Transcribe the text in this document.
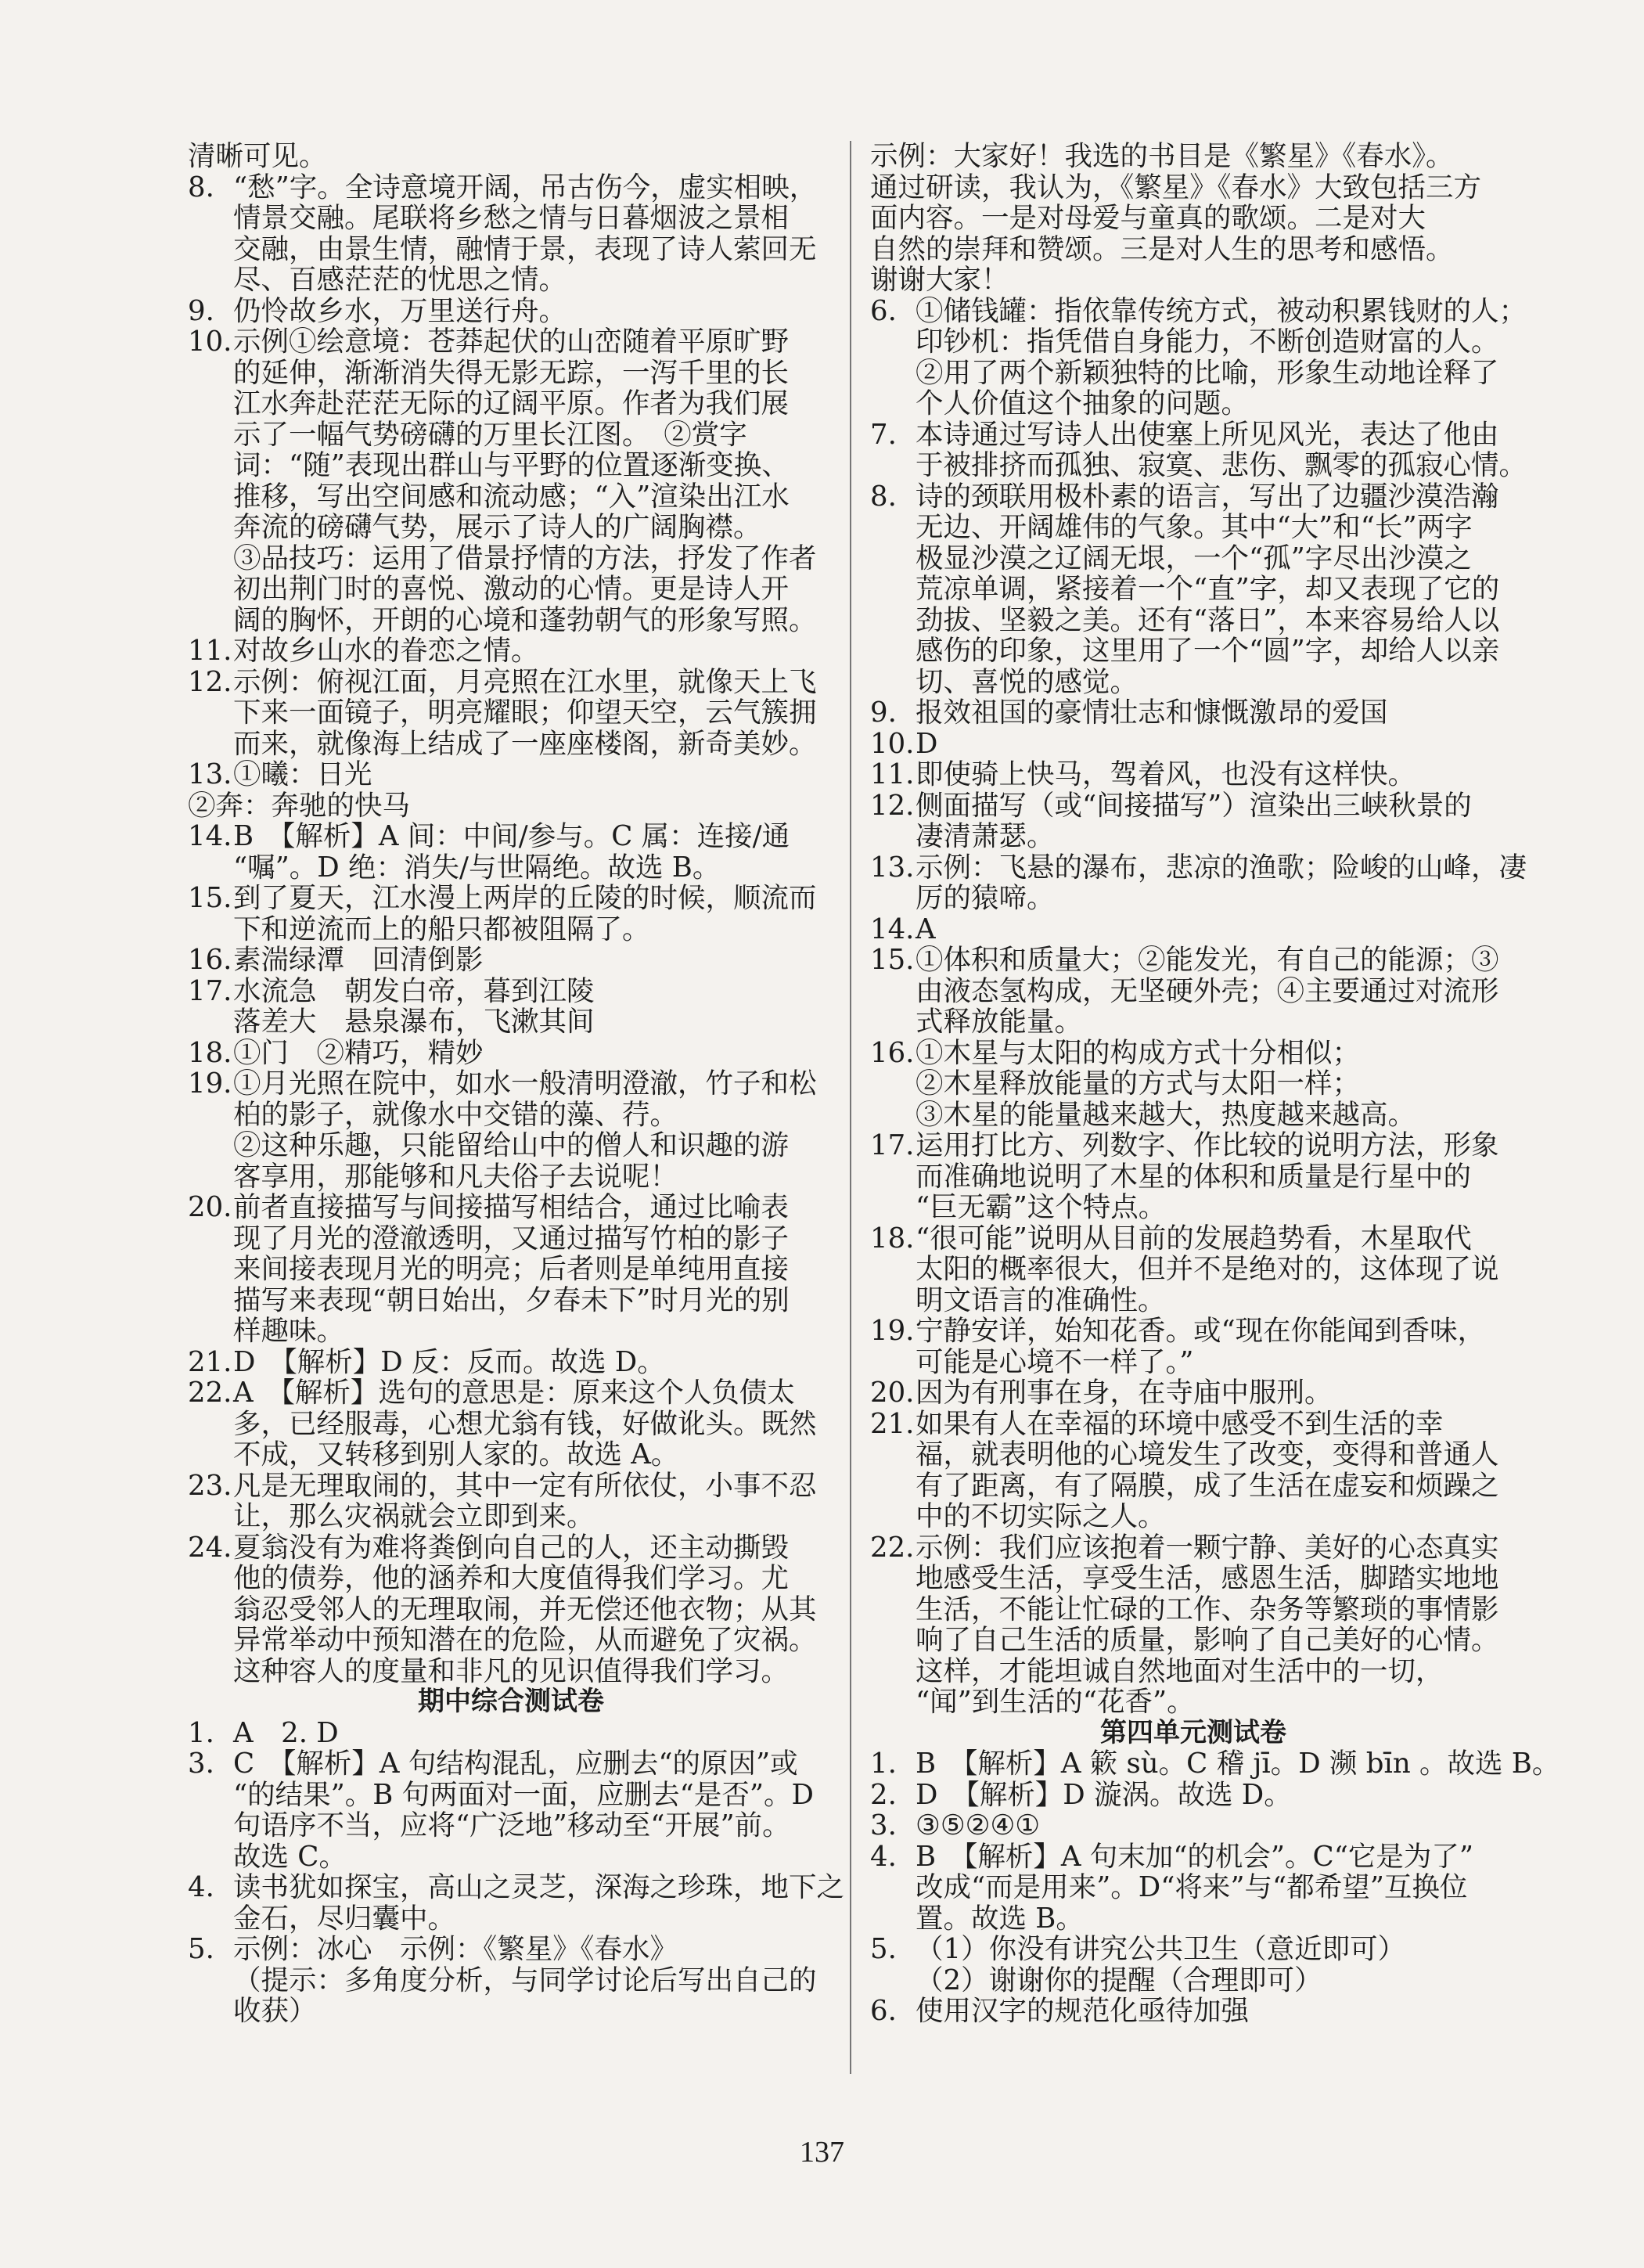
清晰可见。
8. “愁”字。全诗意境开阔，吊古伤今，虚实相映，
情景交融。尾联将乡愁之情与日暮烟波之景相
交融，由景生情，融情于景，表现了诗人萦回无
尽、百感茫茫的忧思之情。
9. 仍怜故乡水，万里送行舟。
10. 示例①绘意境：苍莽起伏的山峦随着平原旷野
的延伸，渐渐消失得无影无踪，一泻千里的长
江水奔赴茫茫无际的辽阔平原。作者为我们展
示了一幅气势磅礴的万里长江图。　②赏字
词：“随”表现出群山与平野的位置逐渐变换、
推移，写出空间感和流动感；“入”渲染出江水
奔流的磅礴气势，展示了诗人的广阔胸襟。
③品技巧：运用了借景抒情的方法，抒发了作者
初出荆门时的喜悦、激动的心情。更是诗人开
阔的胸怀，开朗的心境和蓬勃朝气的形象写照。
11. 对故乡山水的眷恋之情。
12. 示例：俯视江面，月亮照在江水里，就像天上飞
下来一面镜子，明亮耀眼；仰望天空，云气簇拥
而来，就像海上结成了一座座楼阁，新奇美妙。
13. ①曦：日光
②奔：奔驰的快马
14. B　【解析】A 间：中间/参与。C 属：连接/通
“嘱”。D 绝：消失/与世隔绝。故选 B。
15. 到了夏天，江水漫上两岸的丘陵的时候，顺流而
下和逆流而上的船只都被阻隔了。
16. 素湍绿潭　回清倒影
17. 水流急　朝发白帝，暮到江陵
落差大　悬泉瀑布，飞漱其间
18. ①门　②精巧，精妙
19. ①月光照在院中，如水一般清明澄澈，竹子和松
柏的影子，就像水中交错的藻、荇。
②这种乐趣，只能留给山中的僧人和识趣的游
客享用，那能够和凡夫俗子去说呢！
20. 前者直接描写与间接描写相结合，通过比喻表
现了月光的澄澈透明，又通过描写竹柏的影子
来间接表现月光的明亮；后者则是单纯用直接
描写来表现“朝日始出，夕春未下”时月光的别
样趣味。
21. D　【解析】D 反：反而。故选 D。
22. A　【解析】选句的意思是：原来这个人负债太
多，已经服毒，心想尤翁有钱，好做讹头。既然
不成，又转移到别人家的。故选 A。
23. 凡是无理取闹的，其中一定有所依仗，小事不忍
让，那么灾祸就会立即到来。
24. 夏翁没有为难将粪倒向自己的人，还主动撕毁
他的债券，他的涵养和大度值得我们学习。尤
翁忍受邻人的无理取闹，并无偿还他衣物；从其
异常举动中预知潜在的危险，从而避免了灾祸。
这种容人的度量和非凡的见识值得我们学习。
期中综合测试卷
1. A　2. D
3. C　【解析】A 句结构混乱，应删去“的原因”或
“的结果”。B 句两面对一面，应删去“是否”。D
句语序不当，应将“广泛地”移动至“开展”前。
故选 C。
4. 读书犹如探宝，高山之灵芝，深海之珍珠，地下之
金石，尽归囊中。
5. 示例：冰心　示例：《繁星》《春水》
（提示：多角度分析，与同学讨论后写出自己的
收获）
示例：大家好！我选的书目是《繁星》《春水》。
通过研读，我认为，《繁星》《春水》大致包括三方
面内容。一是对母爱与童真的歌颂。二是对大
自然的崇拜和赞颂。三是对人生的思考和感悟。
谢谢大家！
6. ①储钱罐：指依靠传统方式，被动积累钱财的人；
印钞机：指凭借自身能力，不断创造财富的人。
②用了两个新颖独特的比喻，形象生动地诠释了
个人价值这个抽象的问题。
7. 本诗通过写诗人出使塞上所见风光，表达了他由
于被排挤而孤独、寂寞、悲伤、飘零的孤寂心情。
8. 诗的颈联用极朴素的语言，写出了边疆沙漠浩瀚
无边、开阔雄伟的气象。其中“大”和“长”两字
极显沙漠之辽阔无垠，一个“孤”字尽出沙漠之
荒凉单调，紧接着一个“直”字，却又表现了它的
劲拔、坚毅之美。还有“落日”，本来容易给人以
感伤的印象，这里用了一个“圆”字，却给人以亲
切、喜悦的感觉。
9. 报效祖国的豪情壮志和慷慨激昂的爱国
10. D
11. 即使骑上快马，驾着风，也没有这样快。
12. 侧面描写（或“间接描写”）渲染出三峡秋景的
凄清萧瑟。
13. 示例：飞悬的瀑布，悲凉的渔歌；险峻的山峰，凄
厉的猿啼。
14. A
15. ①体积和质量大；②能发光，有自己的能源；③
由液态氢构成，无坚硬外壳；④主要通过对流形
式释放能量。
16. ①木星与太阳的构成方式十分相似；
②木星释放能量的方式与太阳一样；
③木星的能量越来越大，热度越来越高。
17. 运用打比方、列数字、作比较的说明方法，形象
而准确地说明了木星的体积和质量是行星中的
“巨无霸”这个特点。
18. “很可能”说明从目前的发展趋势看，木星取代
太阳的概率很大，但并不是绝对的，这体现了说
明文语言的准确性。
19. 宁静安详，始知花香。或“现在你能闻到香味，
可能是心境不一样了。”
20. 因为有刑事在身，在寺庙中服刑。
21. 如果有人在幸福的环境中感受不到生活的幸
福，就表明他的心境发生了改变，变得和普通人
有了距离，有了隔膜，成了生活在虚妄和烦躁之
中的不切实际之人。
22. 示例：我们应该抱着一颗宁静、美好的心态真实
地感受生活，享受生活，感恩生活，脚踏实地地
生活，不能让忙碌的工作、杂务等繁琐的事情影
响了自己生活的质量，影响了自己美好的心情。
这样，才能坦诚自然地面对生活中的一切，
“闻”到生活的“花香”。
第四单元测试卷
1. B　【解析】A 簌 sù。C 稽 jī。D 濒 bīn 。故选 B。
2. D　【解析】D 漩涡。故选 D。
3. ③⑤②④①
4. B　【解析】A 句末加“的机会”。C“它是为了”
改成“而是用来”。D“将来”与“都希望”互换位
置。故选 B。
5. （1）你没有讲究公共卫生（意近即可）
（2）谢谢你的提醒（合理即可）
6. 使用汉字的规范化亟待加强
137
